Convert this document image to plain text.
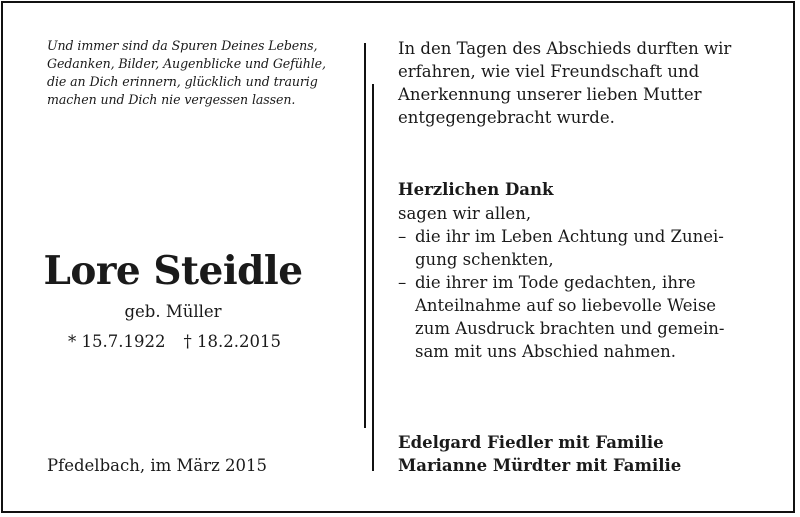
Und immer sind da Spuren Deines Lebens,
Gedanken, Bilder, Augenblicke und Gefühle,
die an Dich erinnern, glücklich und traurig
machen und Dich nie vergessen lassen.
Lore Steidle
geb. Müller
* 15.7.1922 † 18.2.2015
Pfedelbach, im März 2015
In den Tagen des Abschieds durften wir
erfahren, wie viel Freundschaft und
Anerkennung unserer lieben Mutter
entgegengebracht wurde.
Herzlichen Dank
sagen wir allen,
– die ihr im Leben Achtung und Zunei-
gung schenkten,
– die ihrer im Tode gedachten, ihre
Anteilnahme auf so liebevolle Weise
zum Ausdruck brachten und gemein-
sam mit uns Abschied nahmen.
Edelgard Fiedler mit Familie
Marianne Mürdter mit Familie
